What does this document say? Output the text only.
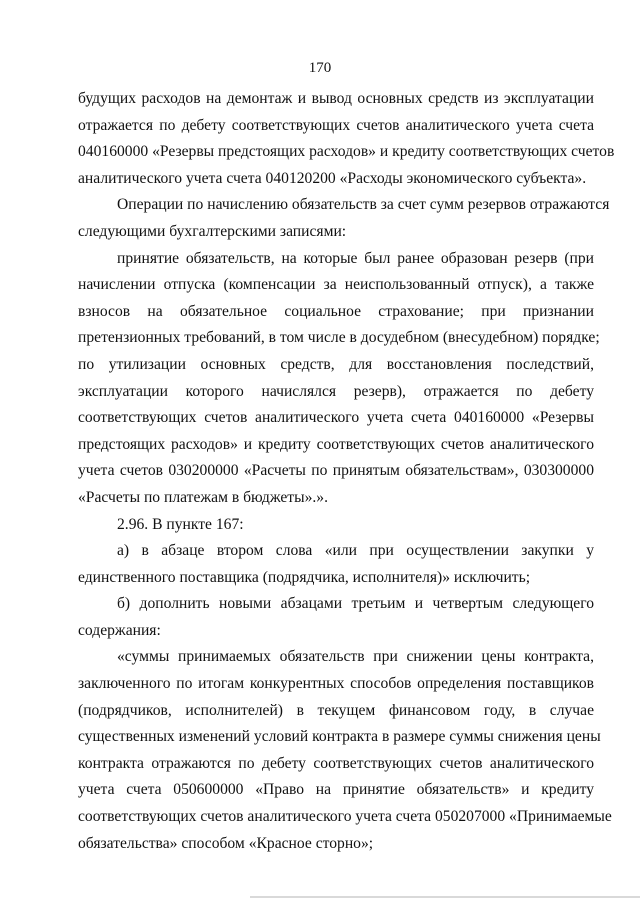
170

будущих расходов на демонтаж и вывод основных средств из эксплуатации
отражается по дебету соответствующих счетов аналитического учета счета
040160000 «Резервы предстоящих расходов» и кредиту соответствующих счетов
аналитического учета счета 040120200 «Расходы экономического субъекта».

Операции по начислению обязательств за счет сумм резервов отражаются
следующими бухгалтерскими записями:

принятие обязательств, на которые был ранее образован резерв (при
начислении отпуска (компенсации за неиспользованный отпуск), а также
взносов на обязательное социальное страхование; при признании
претензионных требований, в том числе в досудебном (внесудебном) порядке;
по утилизации основных средств, для восстановления последствий,
эксплуатации которого начислялся резерв), отражается по дебету
соответствующих счетов аналитического учета счета 040160000 «Резервы
предстоящих расходов» и кредиту соответствующих счетов аналитического
учета счетов 030200000 «Расчеты по принятым обязательствам», 030300000
«Расчеты по платежам в бюджеты».».

2.96. В пункте 167:

а) в абзаце втором слова «или при осуществлении закупки у
единственного поставщика (подрядчика, исполнителя)» исключить;

б) дополнить новыми абзацами третьим и четвертым следующего
содержания:

«суммы принимаемых обязательств при снижении цены контракта,
заключенного по итогам конкурентных способов определения поставщиков
(подрядчиков, исполнителей) в текущем финансовом году, в случае
существенных изменений условий контракта в размере суммы снижения цены
контракта отражаются по дебету соответствующих счетов аналитического
учета счета 050600000 «Право на принятие обязательств» и кредиту
соответствующих счетов аналитического учета счета 050207000 «Принимаемые
обязательства» способом «Красное сторно»;
